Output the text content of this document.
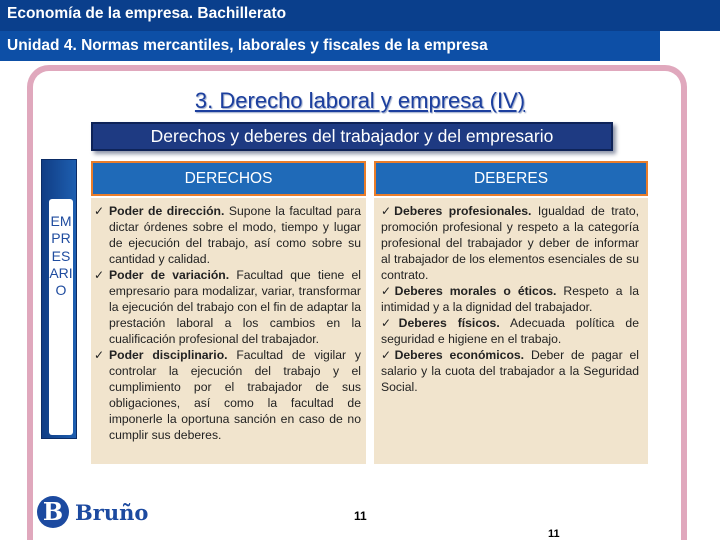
Economía de la empresa. Bachillerato
Unidad 4. Normas mercantiles, laborales y fiscales de la empresa
3. Derecho laboral y empresa (IV)
Derechos y deberes del trabajador y del empresario
DERECHOS	DEBERES
EMPRESARIO
✓ Poder de dirección. Supone la facultad para dictar órdenes sobre el modo, tiempo y lugar de ejecución del trabajo, así como sobre su cantidad y calidad.
✓ Poder de variación. Facultad que tiene el empresario para modalizar, variar, transformar la ejecución del trabajo con el fin de adaptar la prestación laboral a los cambios en la cualificación profesional del trabajador.
✓ Poder disciplinario. Facultad de vigilar y controlar la ejecución del trabajo y el cumplimiento por el trabajador de sus obligaciones, así como la facultad de imponerle la oportuna sanción en caso de no cumplir sus deberes.
✓Deberes profesionales. Igualdad de trato, promoción profesional y respeto a la categoría profesional del trabajador y deber de informar al trabajador de los elementos esenciales de su contrato.
✓Deberes morales o éticos. Respeto a la intimidad y a la dignidad del trabajador.
✓Deberes físicos. Adecuada política de seguridad e higiene en el trabajo.
✓Deberes económicos. Deber de pagar el salario y la cuota del trabajador a la Seguridad Social.
B Bruño	11
11
